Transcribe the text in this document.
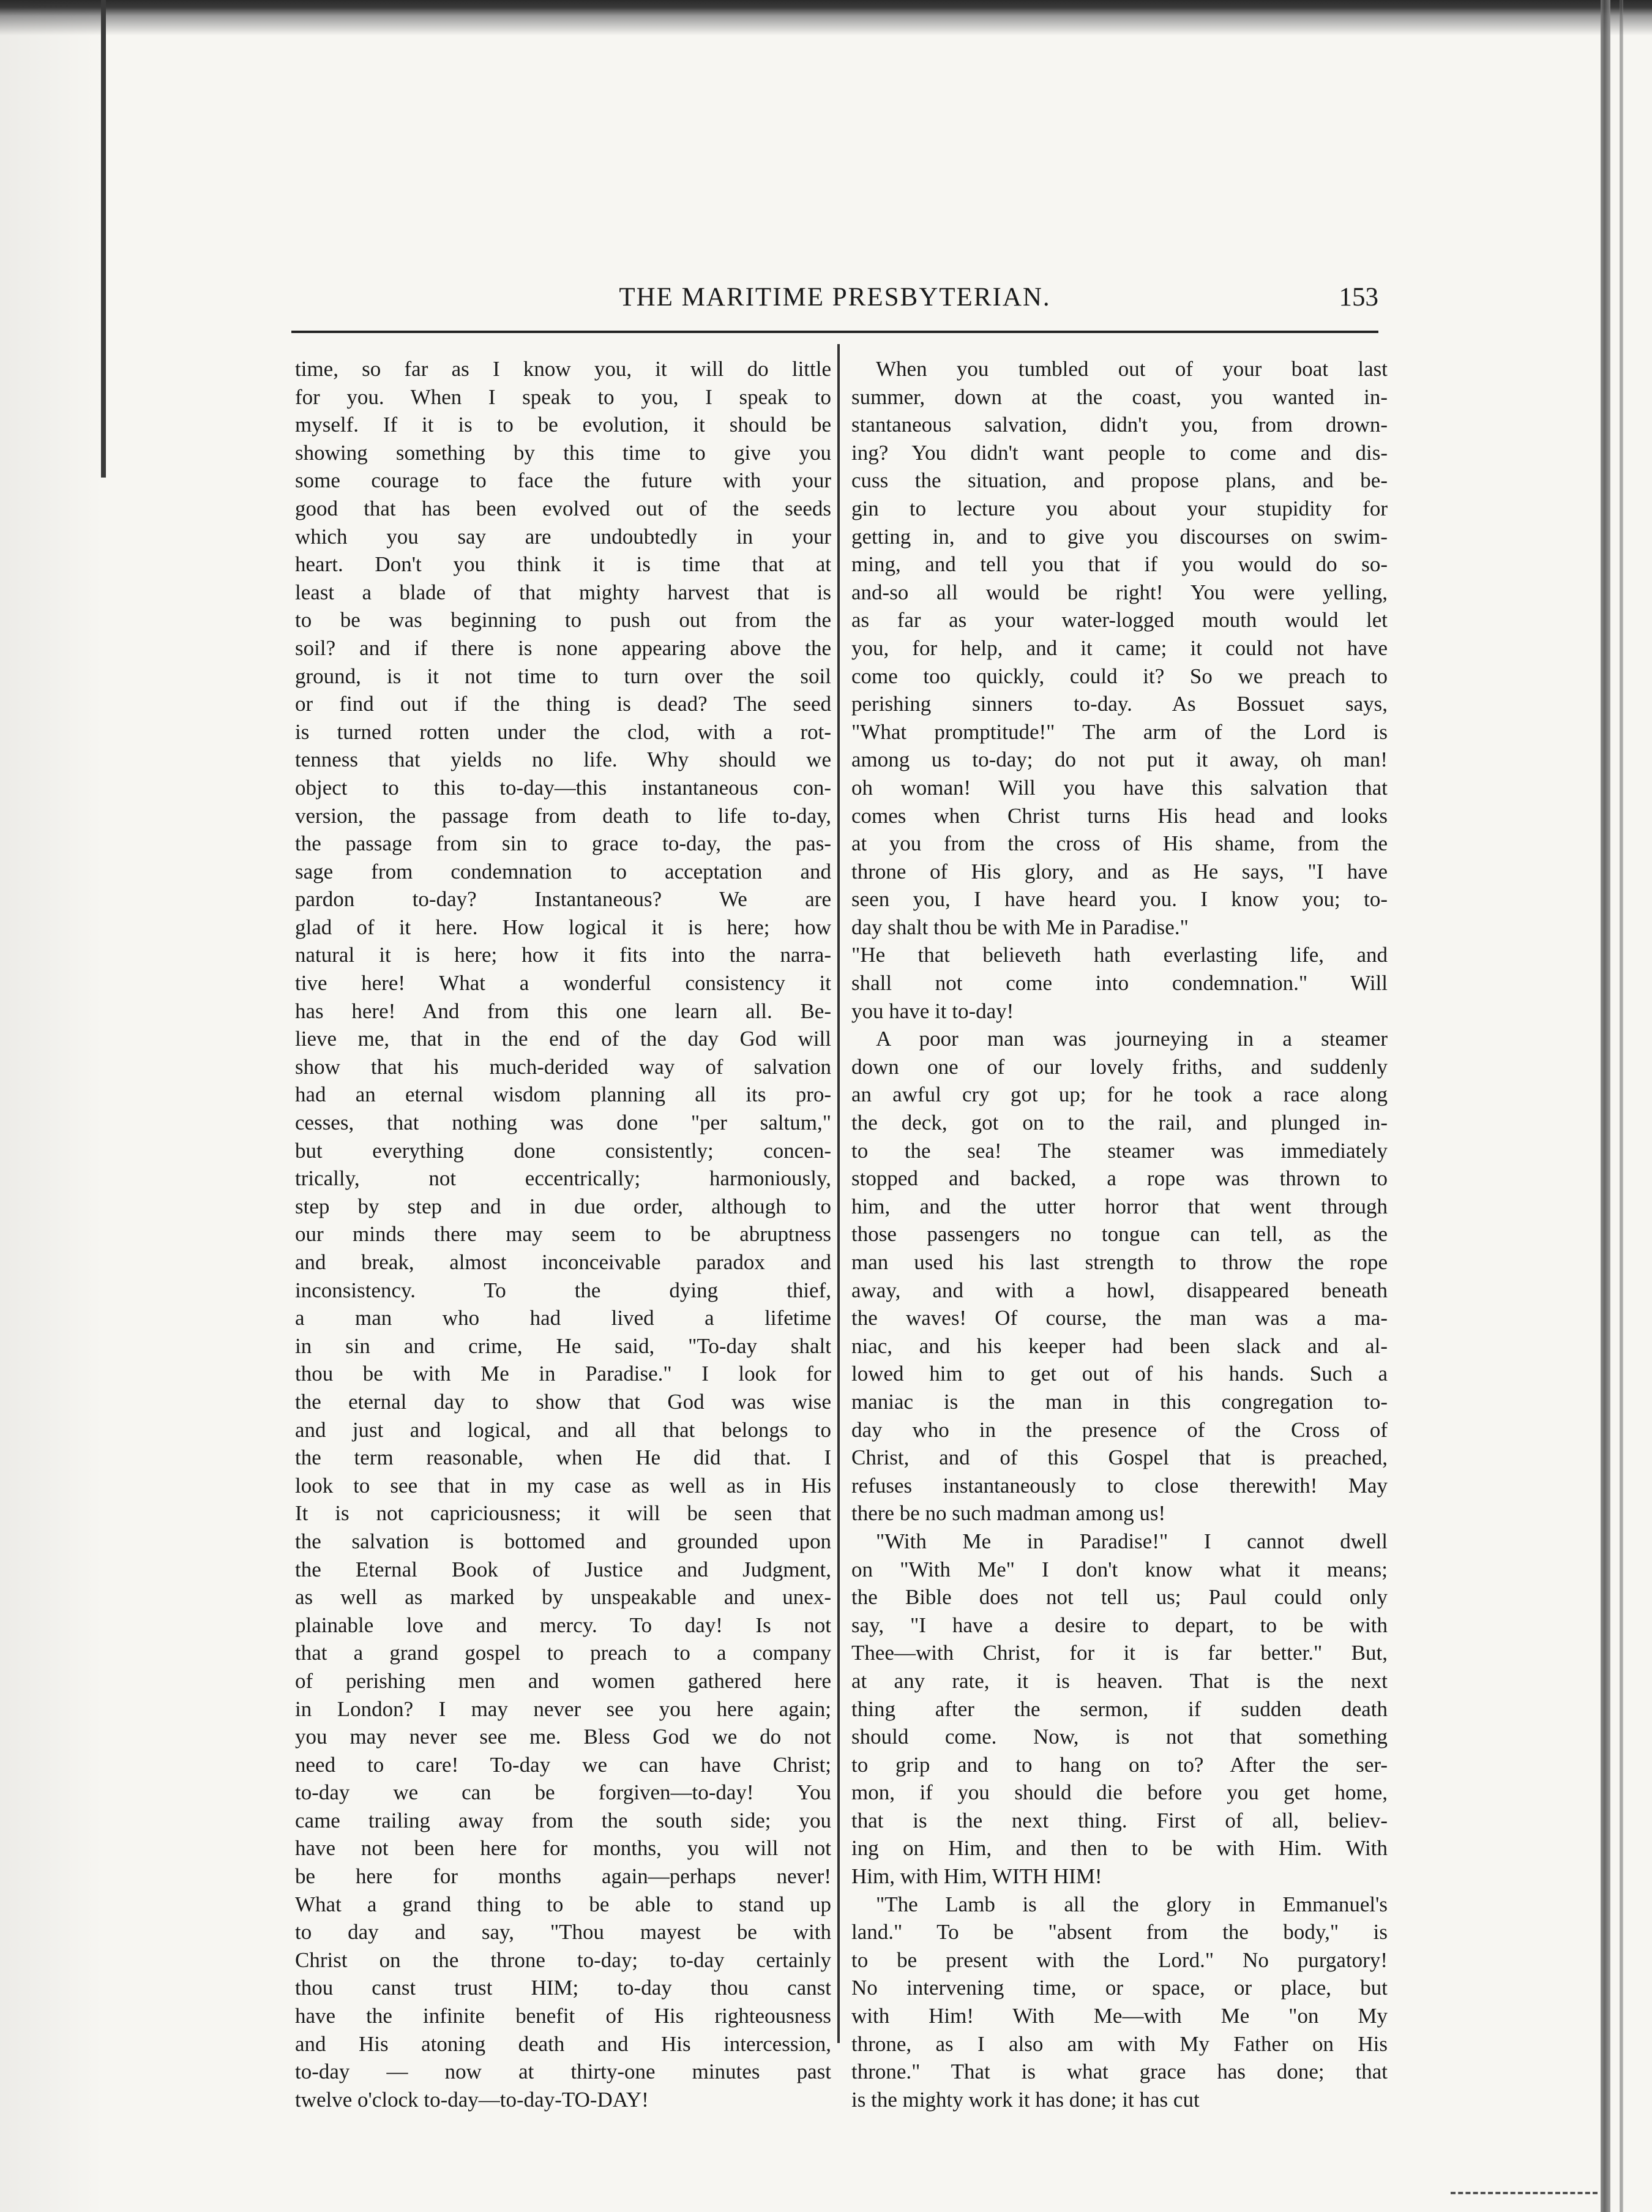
THE MARITIME PRESBYTERIAN.	153
time, so far as I know you, it will do little
for you. When I speak to you, I speak to
myself. If it is to be evolution, it should be
showing something by this time to give you
some courage to face the future with your
good that has been evolved out of the seeds
which you say are undoubtedly in your
heart. Don't you think it is time that at
least a blade of that mighty harvest that is
to be was beginning to push out from the
soil? and if there is none appearing above the
ground, is it not time to turn over the soil
or find out if the thing is dead? The seed
is turned rotten under the clod, with a rot-
tenness that yields no life. Why should we
object to this to-day—this instantaneous con-
version, the passage from death to life to-day,
the passage from sin to grace to-day, the pas-
sage from condemnation to acceptation and
pardon to-day? Instantaneous? We are
glad of it here. How logical it is here; how
natural it is here; how it fits into the narra-
tive here! What a wonderful consistency it
has here! And from this one learn all. Be-
lieve me, that in the end of the day God will
show that his much-derided way of salvation
had an eternal wisdom planning all its pro-
cesses, that nothing was done "per saltum,"
but everything done consistently; concen-
trically, not eccentrically; harmoniously,
step by step and in due order, although to
our minds there may seem to be abruptness
and break, almost inconceivable paradox and
inconsistency. To the dying thief,
a man who had lived a lifetime
in sin and crime, He said, "To-day shalt
thou be with Me in Paradise." I look for
the eternal day to show that God was wise
and just and logical, and all that belongs to
the term reasonable, when He did that. I
look to see that in my case as well as in His
It is not capriciousness; it will be seen that
the salvation is bottomed and grounded upon
the Eternal Book of Justice and Judgment,
as well as marked by unspeakable and unex-
plainable love and mercy. To day! Is not
that a grand gospel to preach to a company
of perishing men and women gathered here
in London? I may never see you here again;
you may never see me. Bless God we do not
need to care! To-day we can have Christ;
to-day we can be forgiven—to-day! You
came trailing away from the south side; you
have not been here for months, you will not
be here for months again—perhaps never!
What a grand thing to be able to stand up
to day and say, "Thou mayest be with
Christ on the throne to-day; to-day certainly
thou canst trust HIM; to-day thou canst
have the infinite benefit of His righteousness
and His atoning death and His intercession,
to-day — now at thirty-one minutes past
twelve o'clock to-day—to-day-TO-DAY!
When you tumbled out of your boat last
summer, down at the coast, you wanted in-
stantaneous salvation, didn't you, from drown-
ing? You didn't want people to come and dis-
cuss the situation, and propose plans, and be-
gin to lecture you about your stupidity for
getting in, and to give you discourses on swim-
ming, and tell you that if you would do so-
and-so all would be right! You were yelling,
as far as your water-logged mouth would let
you, for help, and it came; it could not have
come too quickly, could it? So we preach to
perishing sinners to-day. As Bossuet says,
"What promptitude!" The arm of the Lord is
among us to-day; do not put it away, oh man!
oh woman! Will you have this salvation that
comes when Christ turns His head and looks
at you from the cross of His shame, from the
throne of His glory, and as He says, "I have
seen you, I have heard you. I know you; to-
day shalt thou be with Me in Paradise."
"He that believeth hath everlasting life, and
shall not come into condemnation." Will
you have it to-day!
A poor man was journeying in a steamer
down one of our lovely friths, and suddenly
an awful cry got up; for he took a race along
the deck, got on to the rail, and plunged in-
to the sea! The steamer was immediately
stopped and backed, a rope was thrown to
him, and the utter horror that went through
those passengers no tongue can tell, as the
man used his last strength to throw the rope
away, and with a howl, disappeared beneath
the waves! Of course, the man was a ma-
niac, and his keeper had been slack and al-
lowed him to get out of his hands. Such a
maniac is the man in this congregation to-
day who in the presence of the Cross of
Christ, and of this Gospel that is preached,
refuses instantaneously to close therewith! May
there be no such madman among us!
"With Me in Paradise!" I cannot dwell
on "With Me" I don't know what it means;
the Bible does not tell us; Paul could only
say, "I have a desire to depart, to be with
Thee—with Christ, for it is far better." But,
at any rate, it is heaven. That is the next
thing after the sermon, if sudden death
should come. Now, is not that something
to grip and to hang on to? After the ser-
mon, if you should die before you get home,
that is the next thing. First of all, believ-
ing on Him, and then to be with Him. With
Him, with Him, WITH HIM!
"The Lamb is all the glory in Emmanuel's
land." To be "absent from the body," is
to be present with the Lord." No purgatory!
No intervening time, or space, or place, but
with Him! With Me—with Me "on My
throne, as I also am with My Father on His
throne." That is what grace has done; that
is the mighty work it has done; it has cut
